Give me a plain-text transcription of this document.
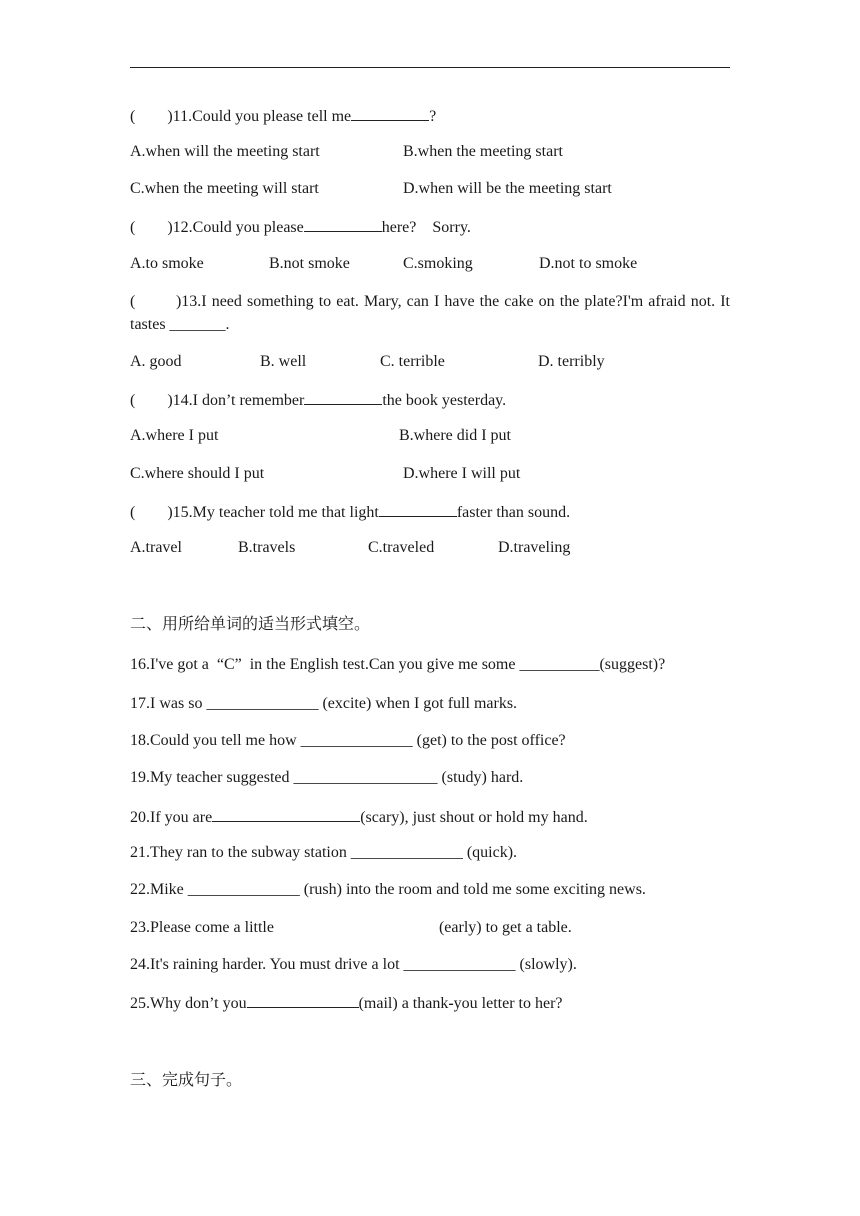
( )11.Could you please tell me	?
A.when will the meeting start	B.when the meeting start
C.when the meeting will start	D.when will be the meeting start
( )12.Could you please	here?    Sorry.
A.to smoke	B.not smoke	C.smoking	D.not to smoke
(	)13.I need something to eat. Mary, can I have the cake on the plate?I'm afraid not. It tastes _______.
A. good	B. well	C. terrible	D. terribly
( )14.I don’t remember	the book yesterday.
A.where I put	B.where did I put
C.where should I put	D.where I will put
( )15.My teacher told me that light	faster than sound.
A.travel	B.travels	C.traveled	D.traveling
二、用所给单词的适当形式填空。
16.I've got a  “C”  in the English test.Can you give me some __________(suggest)?
17.I was so ______________ (excite) when I got full marks.
18.Could you tell me how ______________ (get) to the post office?
19.My teacher suggested __________________ (study) hard.
20.If you are	(scary), just shout or hold my hand.
21.They ran to the subway station ______________ (quick).
22.Mike ______________ (rush) into the room and told me some exciting news.
23.Please come a little	(early) to get a table.
24.It's raining harder. You must drive a lot ______________ (slowly).
25.Why don’t you	(mail) a thank-you letter to her?
三、完成句子。
